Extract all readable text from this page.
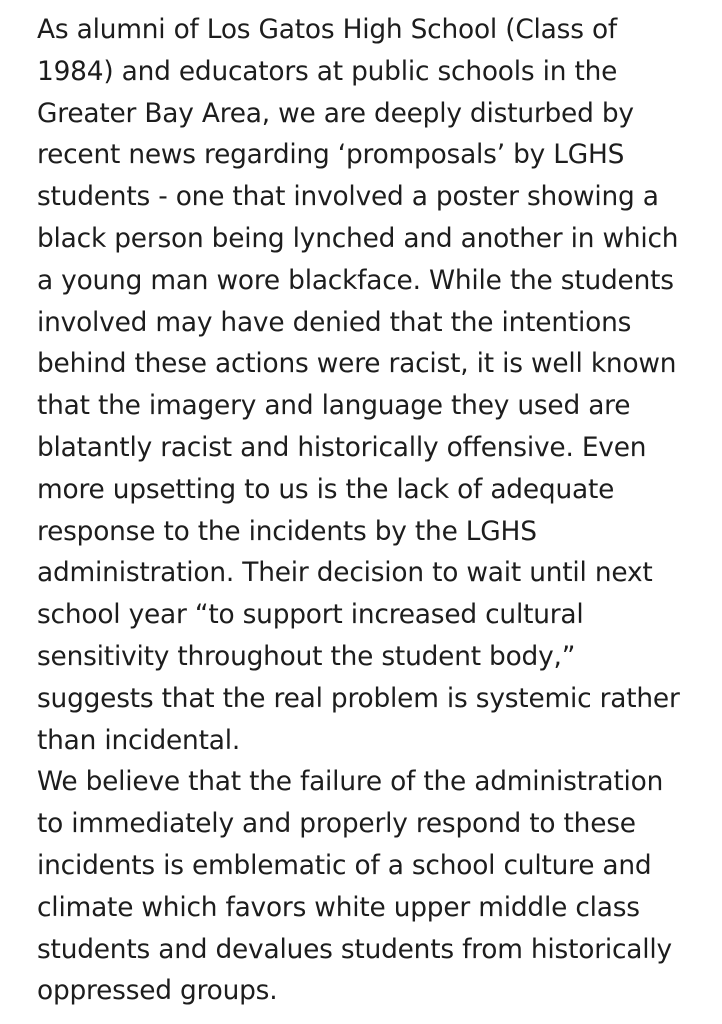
As alumni of Los Gatos High School (Class of
1984) and educators at public schools in the
Greater Bay Area, we are deeply disturbed by
recent news regarding ‘promposals’ by LGHS
students - one that involved a poster showing a
black person being lynched and another in which
a young man wore blackface. While the students
involved may have denied that the intentions
behind these actions were racist, it is well known
that the imagery and language they used are
blatantly racist and historically offensive. Even
more upsetting to us is the lack of adequate
response to the incidents by the LGHS
administration. Their decision to wait until next
school year “to support increased cultural
sensitivity throughout the student body,”
suggests that the real problem is systemic rather
than incidental.
We believe that the failure of the administration
to immediately and properly respond to these
incidents is emblematic of a school culture and
climate which favors white upper middle class
students and devalues students from historically
oppressed groups.
